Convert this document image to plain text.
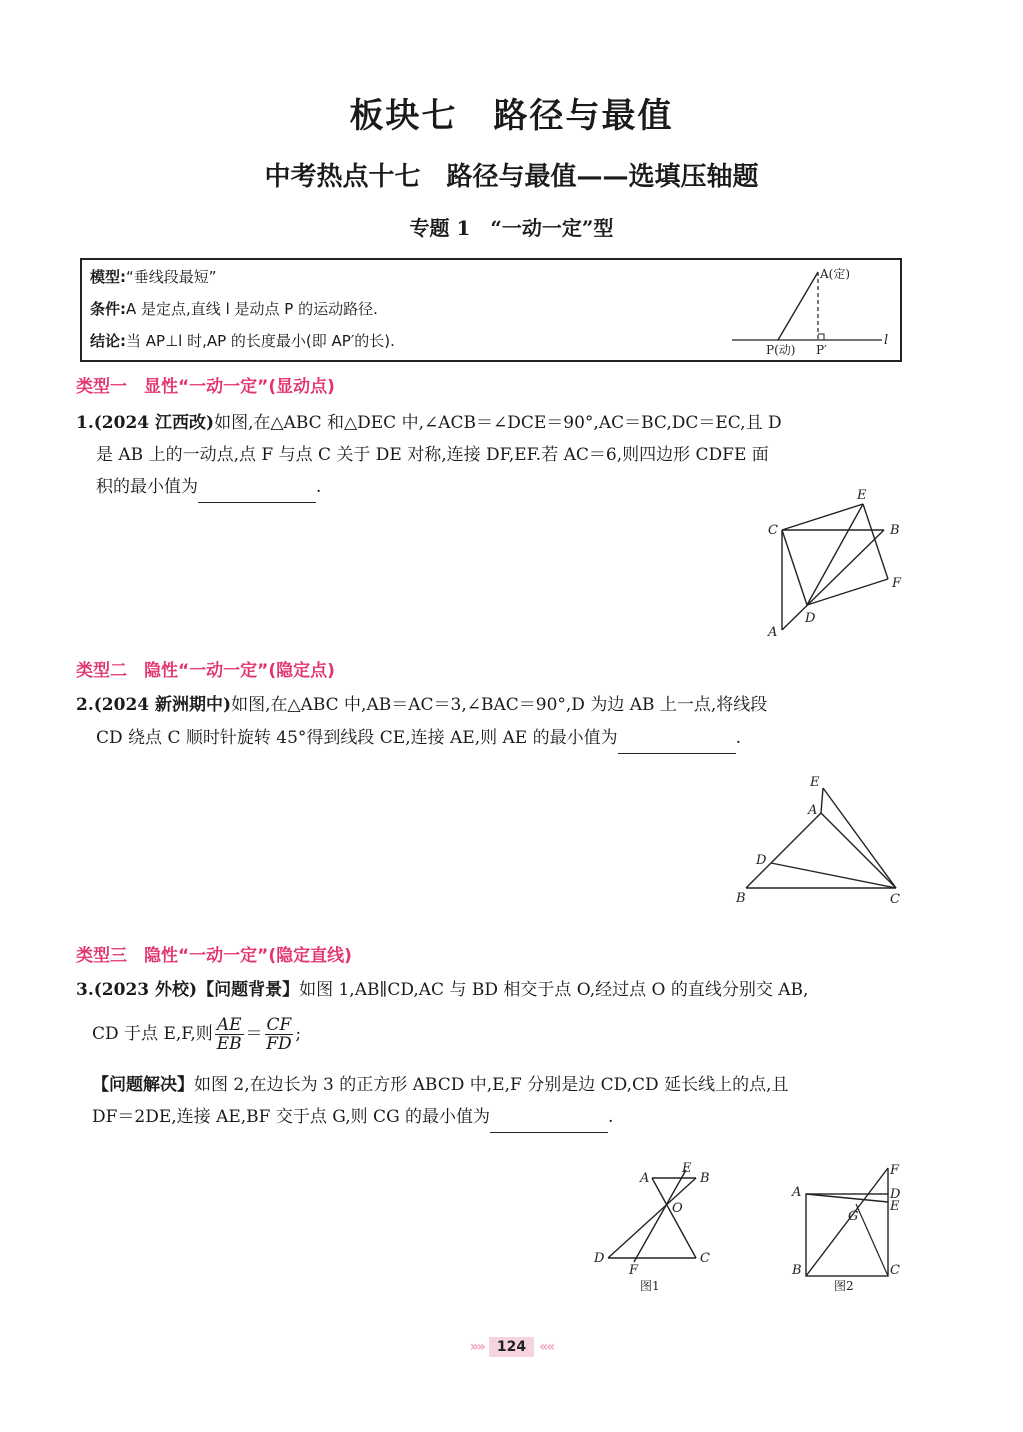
板块七　路径与最值
中考热点十七　路径与最值——选填压轴题
专题 1　“一动一定”型
模型:“垂线段最短”
条件:A 是定点,直线 l 是动点 P 的运动路径.
结论:当 AP⊥l 时,AP 的长度最小(即 AP′的长).
A(定)
P(动) P′
l
类型一　显性“一动一定”(显动点)
1.(2024 江西改)如图,在△ABC 和△DEC 中,∠ACB＝∠DCE＝90°,AC＝BC,DC＝EC,且 D
是 AB 上的一动点,点 F 与点 C 关于 DE 对称,连接 DF,EF.若 AC＝6,则四边形 CDFE 面
积的最小值为	.
C	B
E
F
D
A
类型二　隐性“一动一定”(隐定点)
2.(2024 新洲期中)如图,在△ABC 中,AB＝AC＝3,∠BAC＝90°,D 为边 AB 上一点,将线段
CD 绕点 C 顺时针旋转 45°得到线段 CE,连接 AE,则 AE 的最小值为	.
B	C
A
E
D
类型三　隐性“一动一定”(隐定直线)
3.(2023 外校)【问题背景】如图 1,AB∥CD,AC 与 BD 相交于点 O,经过点 O 的直线分别交 AB,
CD 于点 E,F,则 $\frac{AE}{EB} = \frac{CF}{FD}$ ;
【问题解决】如图 2,在边长为 3 的正方形 ABCD 中,E,F 分别是边 CD,CD 延长线上的点,且
DF＝2DE,连接 AE,BF 交于点 G,则 CG 的最小值为	.
A	B
E
O
D	C
F
图1
A
F
D
E
G
B	C
图2
»» 124 ««
